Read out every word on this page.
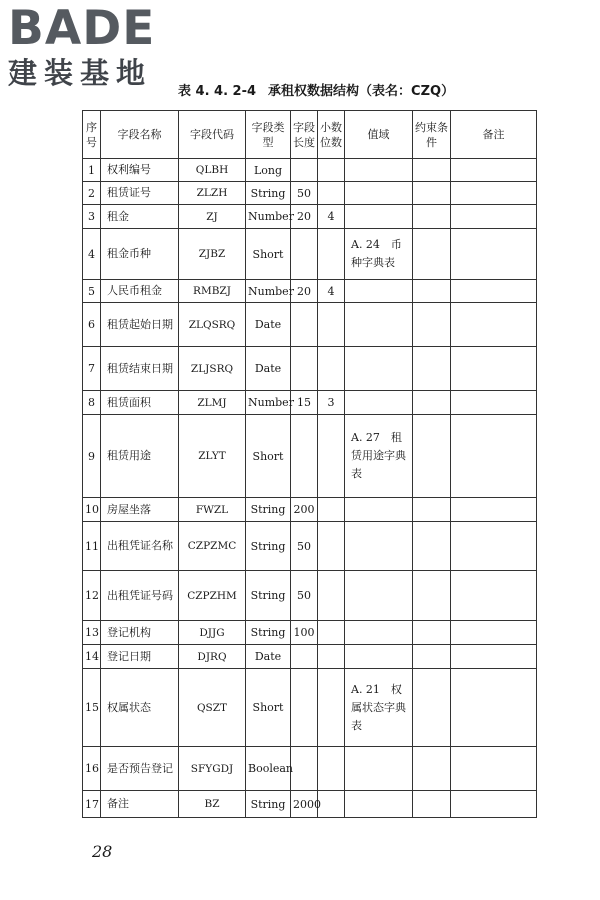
BADE
建装基地
表 4. 4. 2-4 承租权数据结构（表名：CZQ）
序号	字段名称	字段代码	字段类型	字段长度	小数位数	值域	约束条件	备注
1	权利编号	QLBH	Long					
2	租赁证号	ZLZH	String	50				
3	租金	ZJ	Number	20	4			
4	租金币种	ZJBZ	Short			A. 24　币种字典表		
5	人民币租金	RMBZJ	Number	20	4			
6	租赁起始日期	ZLQSRQ	Date					
7	租赁结束日期	ZLJSRQ	Date					
8	租赁面积	ZLMJ	Number	15	3			
9	租赁用途	ZLYT	Short			A. 27　租赁用途字典表		
10	房屋坐落	FWZL	String	200				
11	出租凭证名称	CZPZMC	String	50				
12	出租凭证号码	CZPZHM	String	50				
13	登记机构	DJJG	String	100				
14	登记日期	DJRQ	Date					
15	权属状态	QSZT	Short			A. 21　权属状态字典表		
16	是否预告登记	SFYGDJ	Boolean					
17	备注	BZ	String	2000				
28
